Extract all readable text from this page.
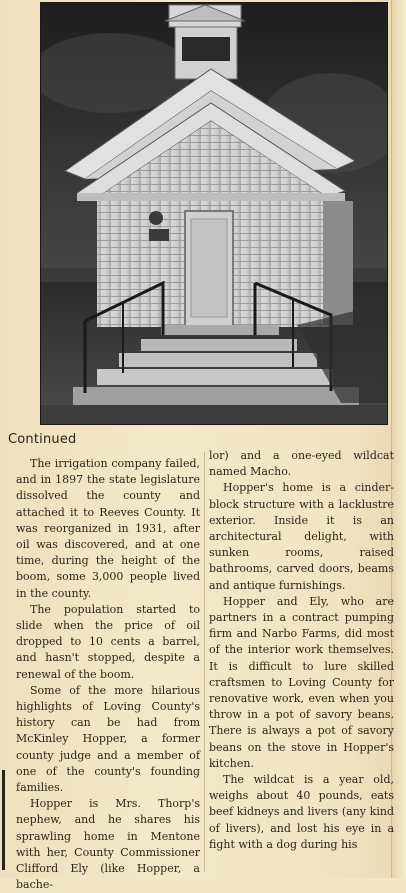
Continued

The irrigation company failed, and in 1897 the state legislature dissolved the county and attached it to Reeves County. It was reorganized in 1931, after oil was discovered, and at one time, during the height of the boom, some 3,000 people lived in the county.

The population started to slide when the price of oil dropped to 10 cents a barrel, and hasn't stopped, despite a renewal of the boom.

Some of the more hilarious highlights of Loving County's history can be had from McKinley Hopper, a former county judge and a member of one of the county's founding families.

Hopper is Mrs. Thorp's nephew, and he shares his sprawling home in Mentone with her, County Commissioner Clifford Ely (like Hopper, a bache-

lor) and a one-eyed wildcat named Macho.

Hopper's home is a cinder-block structure with a lacklustre exterior. Inside it is an architectural delight, with sunken rooms, raised bathrooms, carved doors, beams and antique furnishings.

Hopper and Ely, who are partners in a contract pumping firm and Narbo Farms, did most of the interior work themselves. It is difficult to lure skilled craftsmen to Loving County for renovative work, even when you throw in a pot of savory beans. There is always a pot of savory beans on the stove in Hopper's kitchen.

The wildcat is a year old, weighs about 40 pounds, eats beef kidneys and livers (any kind of livers), and lost his eye in a fight with a dog during his
